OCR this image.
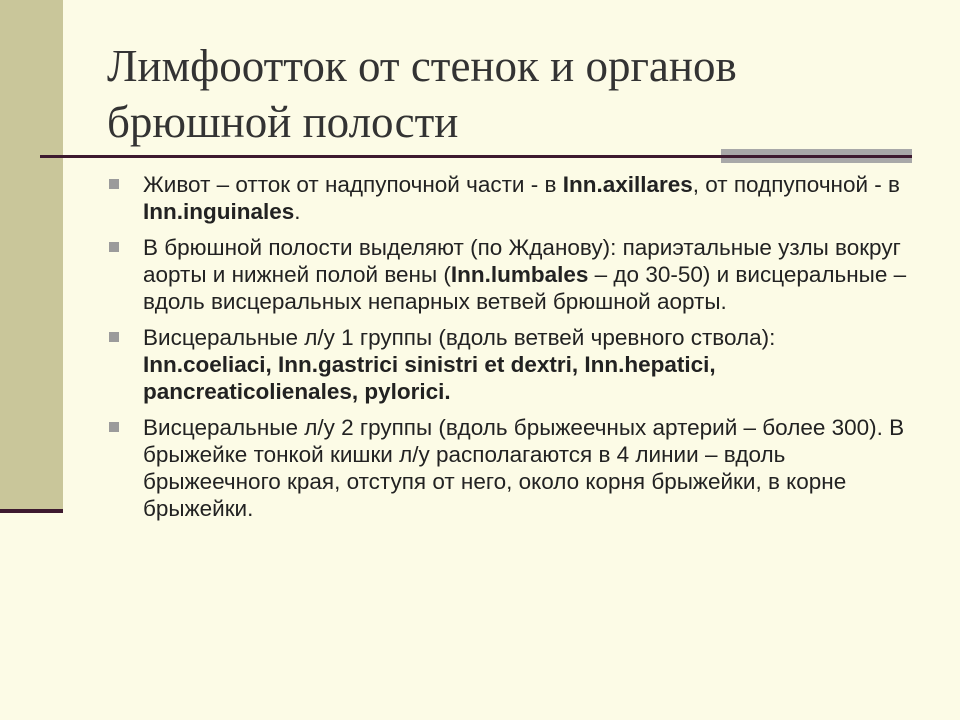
Лимфоотток от стенок и органов
брюшной полости
Живот – отток от надпупочной части - в Inn.axillares, от подпупочной - в Inn.inguinales.
В брюшной полости выделяют (по Жданову): париэтальные узлы вокруг аорты и нижней полой вены (Inn.lumbales – до 30-50) и висцеральные – вдоль висцеральных непарных ветвей брюшной аорты.
Висцеральные л/у 1 группы (вдоль ветвей чревного ствола): Inn.coeliaci, Inn.gastrici sinistri et dextri, Inn.hepatici, pancreaticolienales, pylorici.
Висцеральные л/у 2 группы (вдоль брыжеечных артерий – более 300). В брыжейке тонкой кишки л/у располагаются в 4 линии – вдоль брыжеечного края, отступя от него, около корня брыжейки, в корне брыжейки.
